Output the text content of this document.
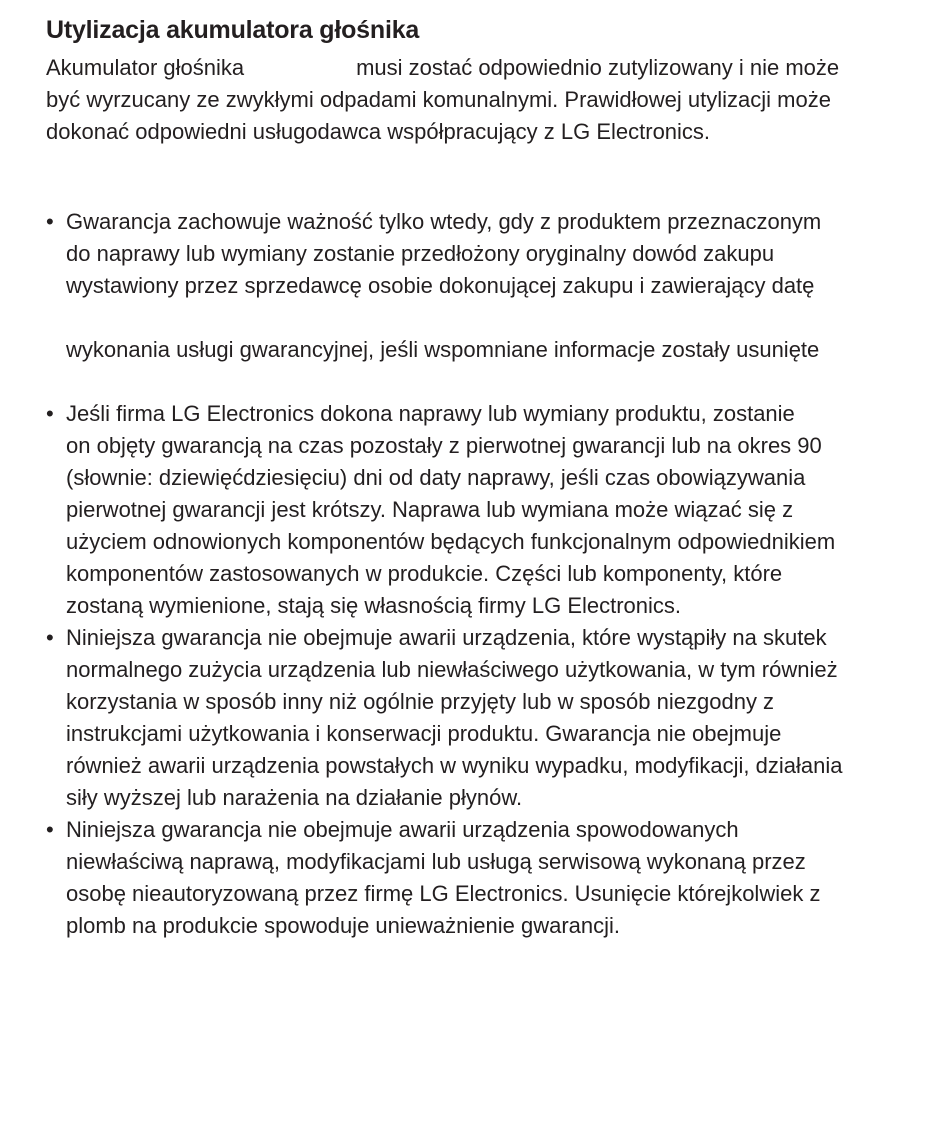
Utylizacja akumulatora głośnika

Akumulator głośnika	musi zostać odpowiednio zutylizowany i nie może
być wyrzucany ze zwykłymi odpadami komunalnymi. Prawidłowej utylizacji może
dokonać odpowiedni usługodawca współpracujący z LG Electronics.

• Gwarancja zachowuje ważność tylko wtedy, gdy z produktem przeznaczonym
do naprawy lub wymiany zostanie przedłożony oryginalny dowód zakupu
wystawiony przez sprzedawcę osobie dokonującej zakupu i zawierający datę
wykonania usługi gwarancyjnej, jeśli wspomniane informacje zostały usunięte
• Jeśli firma LG Electronics dokona naprawy lub wymiany produktu, zostanie
on objęty gwarancją na czas pozostały z pierwotnej gwarancji lub na okres 90
(słownie: dziewięćdziesięciu) dni od daty naprawy, jeśli czas obowiązywania
pierwotnej gwarancji jest krótszy. Naprawa lub wymiana może wiązać się z
użyciem odnowionych komponentów będących funkcjonalnym odpowiednikiem
komponentów zastosowanych w produkcie. Części lub komponenty, które
zostaną wymienione, stają się własnością firmy LG Electronics.
• Niniejsza gwarancja nie obejmuje awarii urządzenia, które wystąpiły na skutek
normalnego zużycia urządzenia lub niewłaściwego użytkowania, w tym również
korzystania w sposób inny niż ogólnie przyjęty lub w sposób niezgodny z
instrukcjami użytkowania i konserwacji produktu. Gwarancja nie obejmuje
również awarii urządzenia powstałych w wyniku wypadku, modyfikacji, działania
siły wyższej lub narażenia na działanie płynów.
• Niniejsza gwarancja nie obejmuje awarii urządzenia spowodowanych
niewłaściwą naprawą, modyfikacjami lub usługą serwisową wykonaną przez
osobę nieautoryzowaną przez firmę LG Electronics. Usunięcie którejkolwiek z
plomb na produkcie spowoduje unieważnienie gwarancji.
